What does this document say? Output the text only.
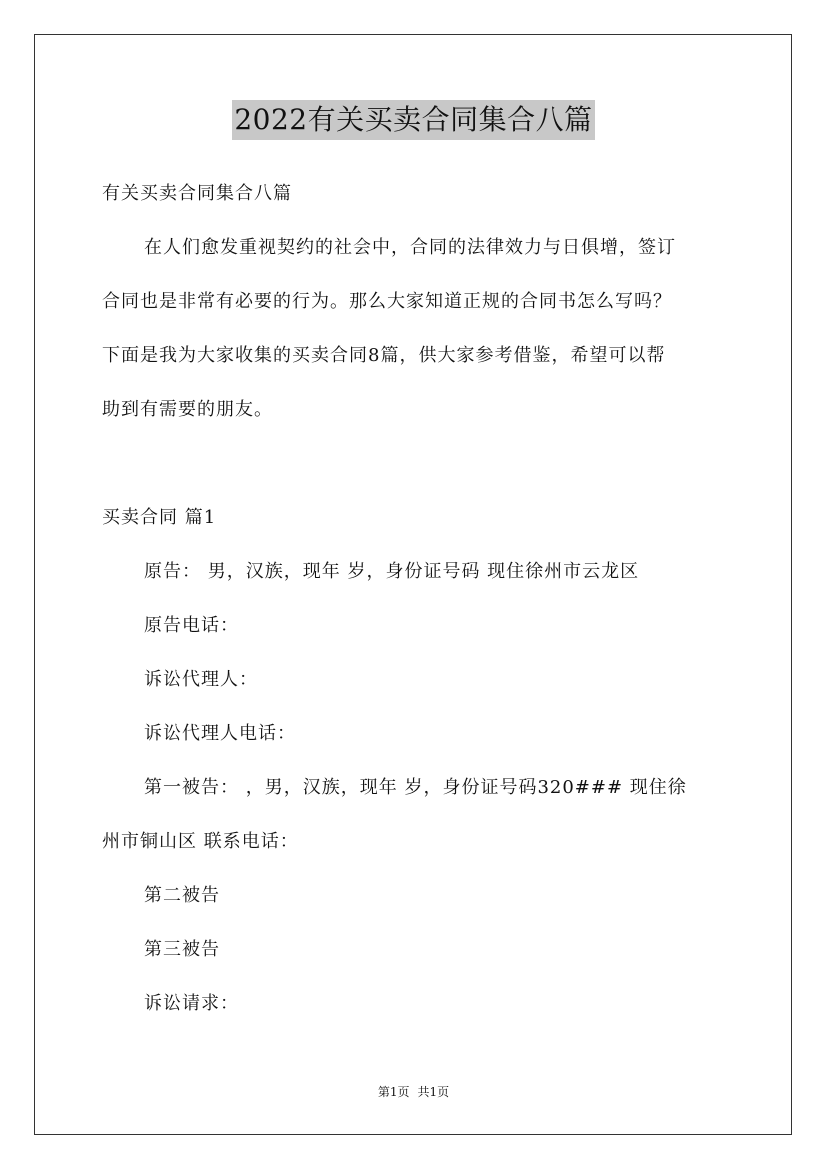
2022有关买卖合同集合八篇
有关买卖合同集合八篇
在人们愈发重视契约的社会中，合同的法律效力与日俱增，签订
合同也是非常有必要的行为。那么大家知道正规的合同书怎么写吗？
下面是我为大家收集的买卖合同8篇，供大家参考借鉴，希望可以帮
助到有需要的朋友。
买卖合同 篇1
原告： 男，汉族，现年 岁，身份证号码 现住徐州市云龙区
原告电话：
诉讼代理人：
诉讼代理人电话：
第一被告： ，男，汉族，现年 岁，身份证号码320### 现住徐
州市铜山区 联系电话：
第二被告
第三被告
诉讼请求：
第1页 共1页
